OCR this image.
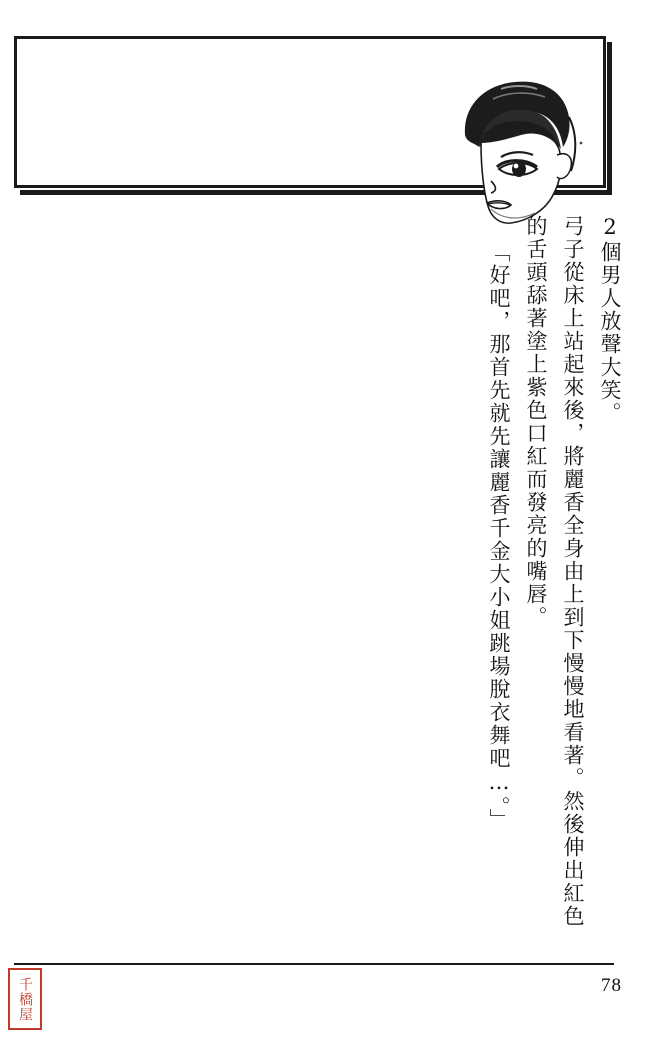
「好吧，那首先就先讓麗香千金大小姐跳場脫衣舞吧…。」 的舌頭舔著塗上紫色口紅而發亮的嘴唇。 弓子從床上站起來後，將麗香全身由上到下慢慢地看著。然後伸出紅色 2個男人放聲大笑。
78
千橋屋
